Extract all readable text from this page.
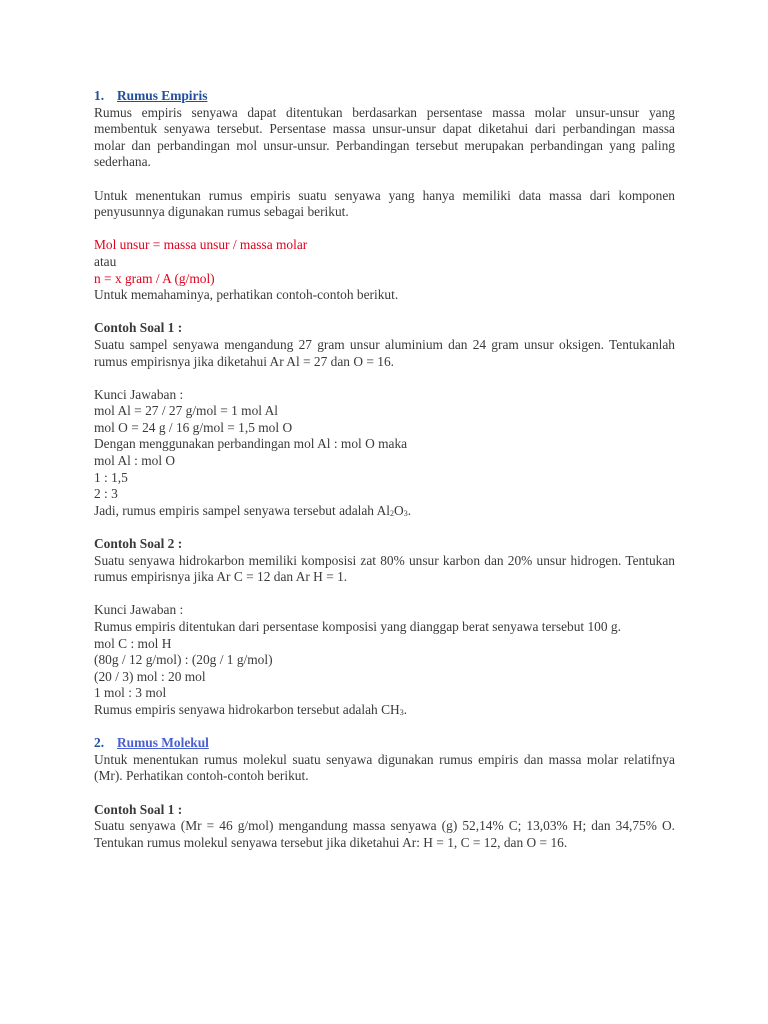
1. Rumus Empiris

Rumus empiris senyawa dapat ditentukan berdasarkan persentase massa molar unsur-unsur yang membentuk senyawa tersebut. Persentase massa unsur-unsur dapat diketahui dari perbandingan massa molar dan perbandingan mol unsur-unsur. Perbandingan tersebut merupakan perbandingan yang paling sederhana.

Untuk menentukan rumus empiris suatu senyawa yang hanya memiliki data massa dari komponen penyusunnya digunakan rumus sebagai berikut.

Mol unsur = massa unsur / massa molar

atau

n = x gram / A (g/mol)

Untuk memahaminya, perhatikan contoh-contoh berikut.

Contoh Soal 1 :

Suatu sampel senyawa mengandung 27 gram unsur aluminium dan 24 gram unsur oksigen. Tentukanlah rumus empirisnya jika diketahui Ar Al = 27 dan O = 16.

Kunci Jawaban :

mol Al = 27 / 27 g/mol = 1 mol Al

mol O = 24 g / 16 g/mol = 1,5 mol O

Dengan menggunakan perbandingan mol Al : mol O maka

mol Al : mol O

1 : 1,5

2 : 3

Jadi, rumus empiris sampel senyawa tersebut adalah $Al_2O_3$.

Contoh Soal 2 :

Suatu senyawa hidrokarbon memiliki komposisi zat 80% unsur karbon dan 20% unsur hidrogen. Tentukan rumus empirisnya jika Ar C = 12 dan Ar H = 1.

Kunci Jawaban :

Rumus empiris ditentukan dari persentase komposisi yang dianggap berat senyawa tersebut 100 g.

mol C : mol H

(80g / 12 g/mol) : (20g / 1 g/mol)

(20 / 3) mol : 20 mol

1 mol : 3 mol

Rumus empiris senyawa hidrokarbon tersebut adalah $CH_3$.

2. Rumus Molekul

Untuk menentukan rumus molekul suatu senyawa digunakan rumus empiris dan massa molar relatifnya (Mr). Perhatikan contoh-contoh berikut.

Contoh Soal 1 :

Suatu senyawa (Mr = 46 g/mol) mengandung massa senyawa (g) 52,14% C; 13,03% H; dan 34,75% O. Tentukan rumus molekul senyawa tersebut jika diketahui Ar: H = 1, C = 12, dan O = 16.
